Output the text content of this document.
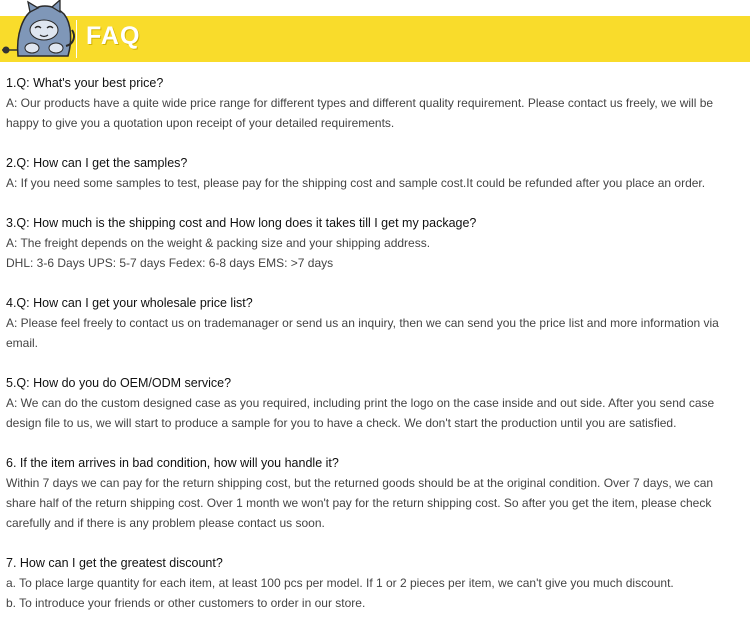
FAQ
1.Q: What's your best price?
A: Our products have a quite wide price range for different types and different quality requirement. Please contact us freely, we will be happy to give you a quotation upon receipt of your detailed requirements.
2.Q: How can I get the samples?
A: If you need some samples to test, please pay for the shipping cost and sample cost.It could be refunded after you place an order.
3.Q: How much is the shipping cost and How long does it takes till I get my package?
A: The freight depends on the weight & packing size and your shipping address.
DHL: 3-6 Days UPS: 5-7 days Fedex: 6-8 days EMS: >7 days
4.Q: How can I get your wholesale price list?
A: Please feel freely to contact us on trademanager or send us an inquiry, then we can send you the price list and more information via email.
5.Q: How do you do OEM/ODM service?
A: We can do the custom designed case as you required, including print the logo on the case inside and out side. After you send case design file to us, we will start to produce a sample for you to have a check. We don't start the production until you are satisfied.
6. If the item arrives in bad condition, how will you handle it?
Within 7 days we can pay for the return shipping cost, but the returned goods should be at the original condition. Over 7 days, we can share half of the return shipping cost. Over 1 month we won't pay for the return shipping cost. So after you get the item, please check carefully and if there is any problem please contact us soon.
7. How can I get the greatest discount?
a. To place large quantity for each item, at least 100 pcs per model. If 1 or 2 pieces per item, we can't give you much discount.
b. To introduce your friends or other customers to order in our store.
